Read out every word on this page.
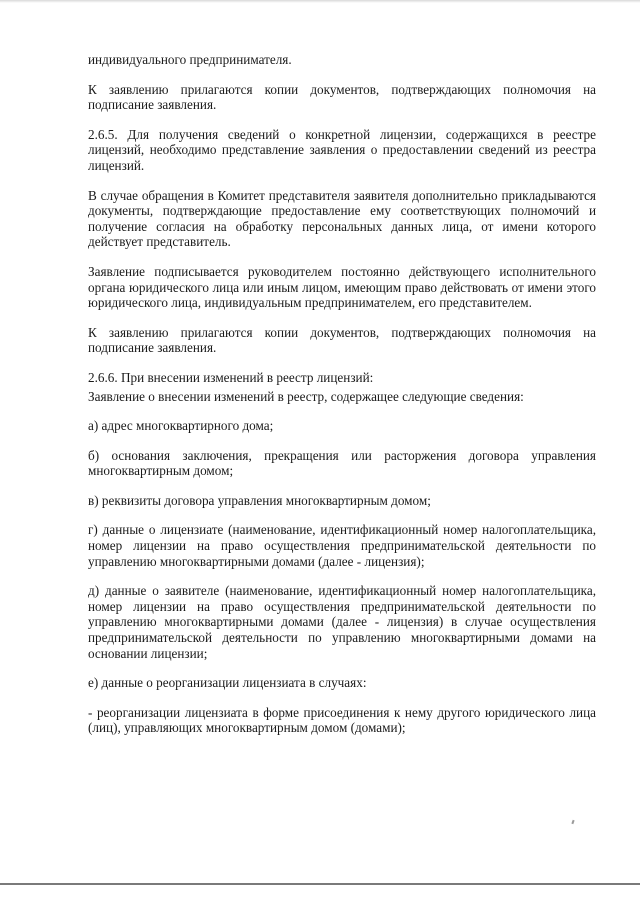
индивидуального предпринимателя.

К заявлению прилагаются копии документов, подтверждающих полномочия на подписание заявления.

2.6.5. Для получения сведений о конкретной лицензии, содержащихся в реестре лицензий, необходимо представление заявления о предоставлении сведений из реестра лицензий.

В случае обращения в Комитет представителя заявителя дополнительно прикладываются документы, подтверждающие предоставление ему соответствующих полномочий и получение согласия на обработку персональных данных лица, от имени которого действует представитель.

Заявление подписывается руководителем постоянно действующего исполнительного органа юридического лица или иным лицом, имеющим право действовать от имени этого юридического лица, индивидуальным предпринимателем, его представителем.

К заявлению прилагаются копии документов, подтверждающих полномочия на подписание заявления.

2.6.6. При внесении изменений в реестр лицензий:

Заявление о внесении изменений в реестр, содержащее следующие сведения:

а) адрес многоквартирного дома;

б) основания заключения, прекращения или расторжения договора управления многоквартирным домом;

в) реквизиты договора управления многоквартирным домом;

г) данные о лицензиате (наименование, идентификационный номер налогоплательщика, номер лицензии на право осуществления предпринимательской деятельности по управлению многоквартирными домами (далее - лицензия);

д) данные о заявителе (наименование, идентификационный номер налогоплательщика, номер лицензии на право осуществления предпринимательской деятельности по управлению многоквартирными домами (далее - лицензия) в случае осуществления предпринимательской деятельности по управлению многоквартирными домами на основании лицензии;

е) данные о реорганизации лицензиата в случаях:

- реорганизации лицензиата в форме присоединения к нему другого юридического лица (лиц), управляющих многоквартирным домом (домами);
